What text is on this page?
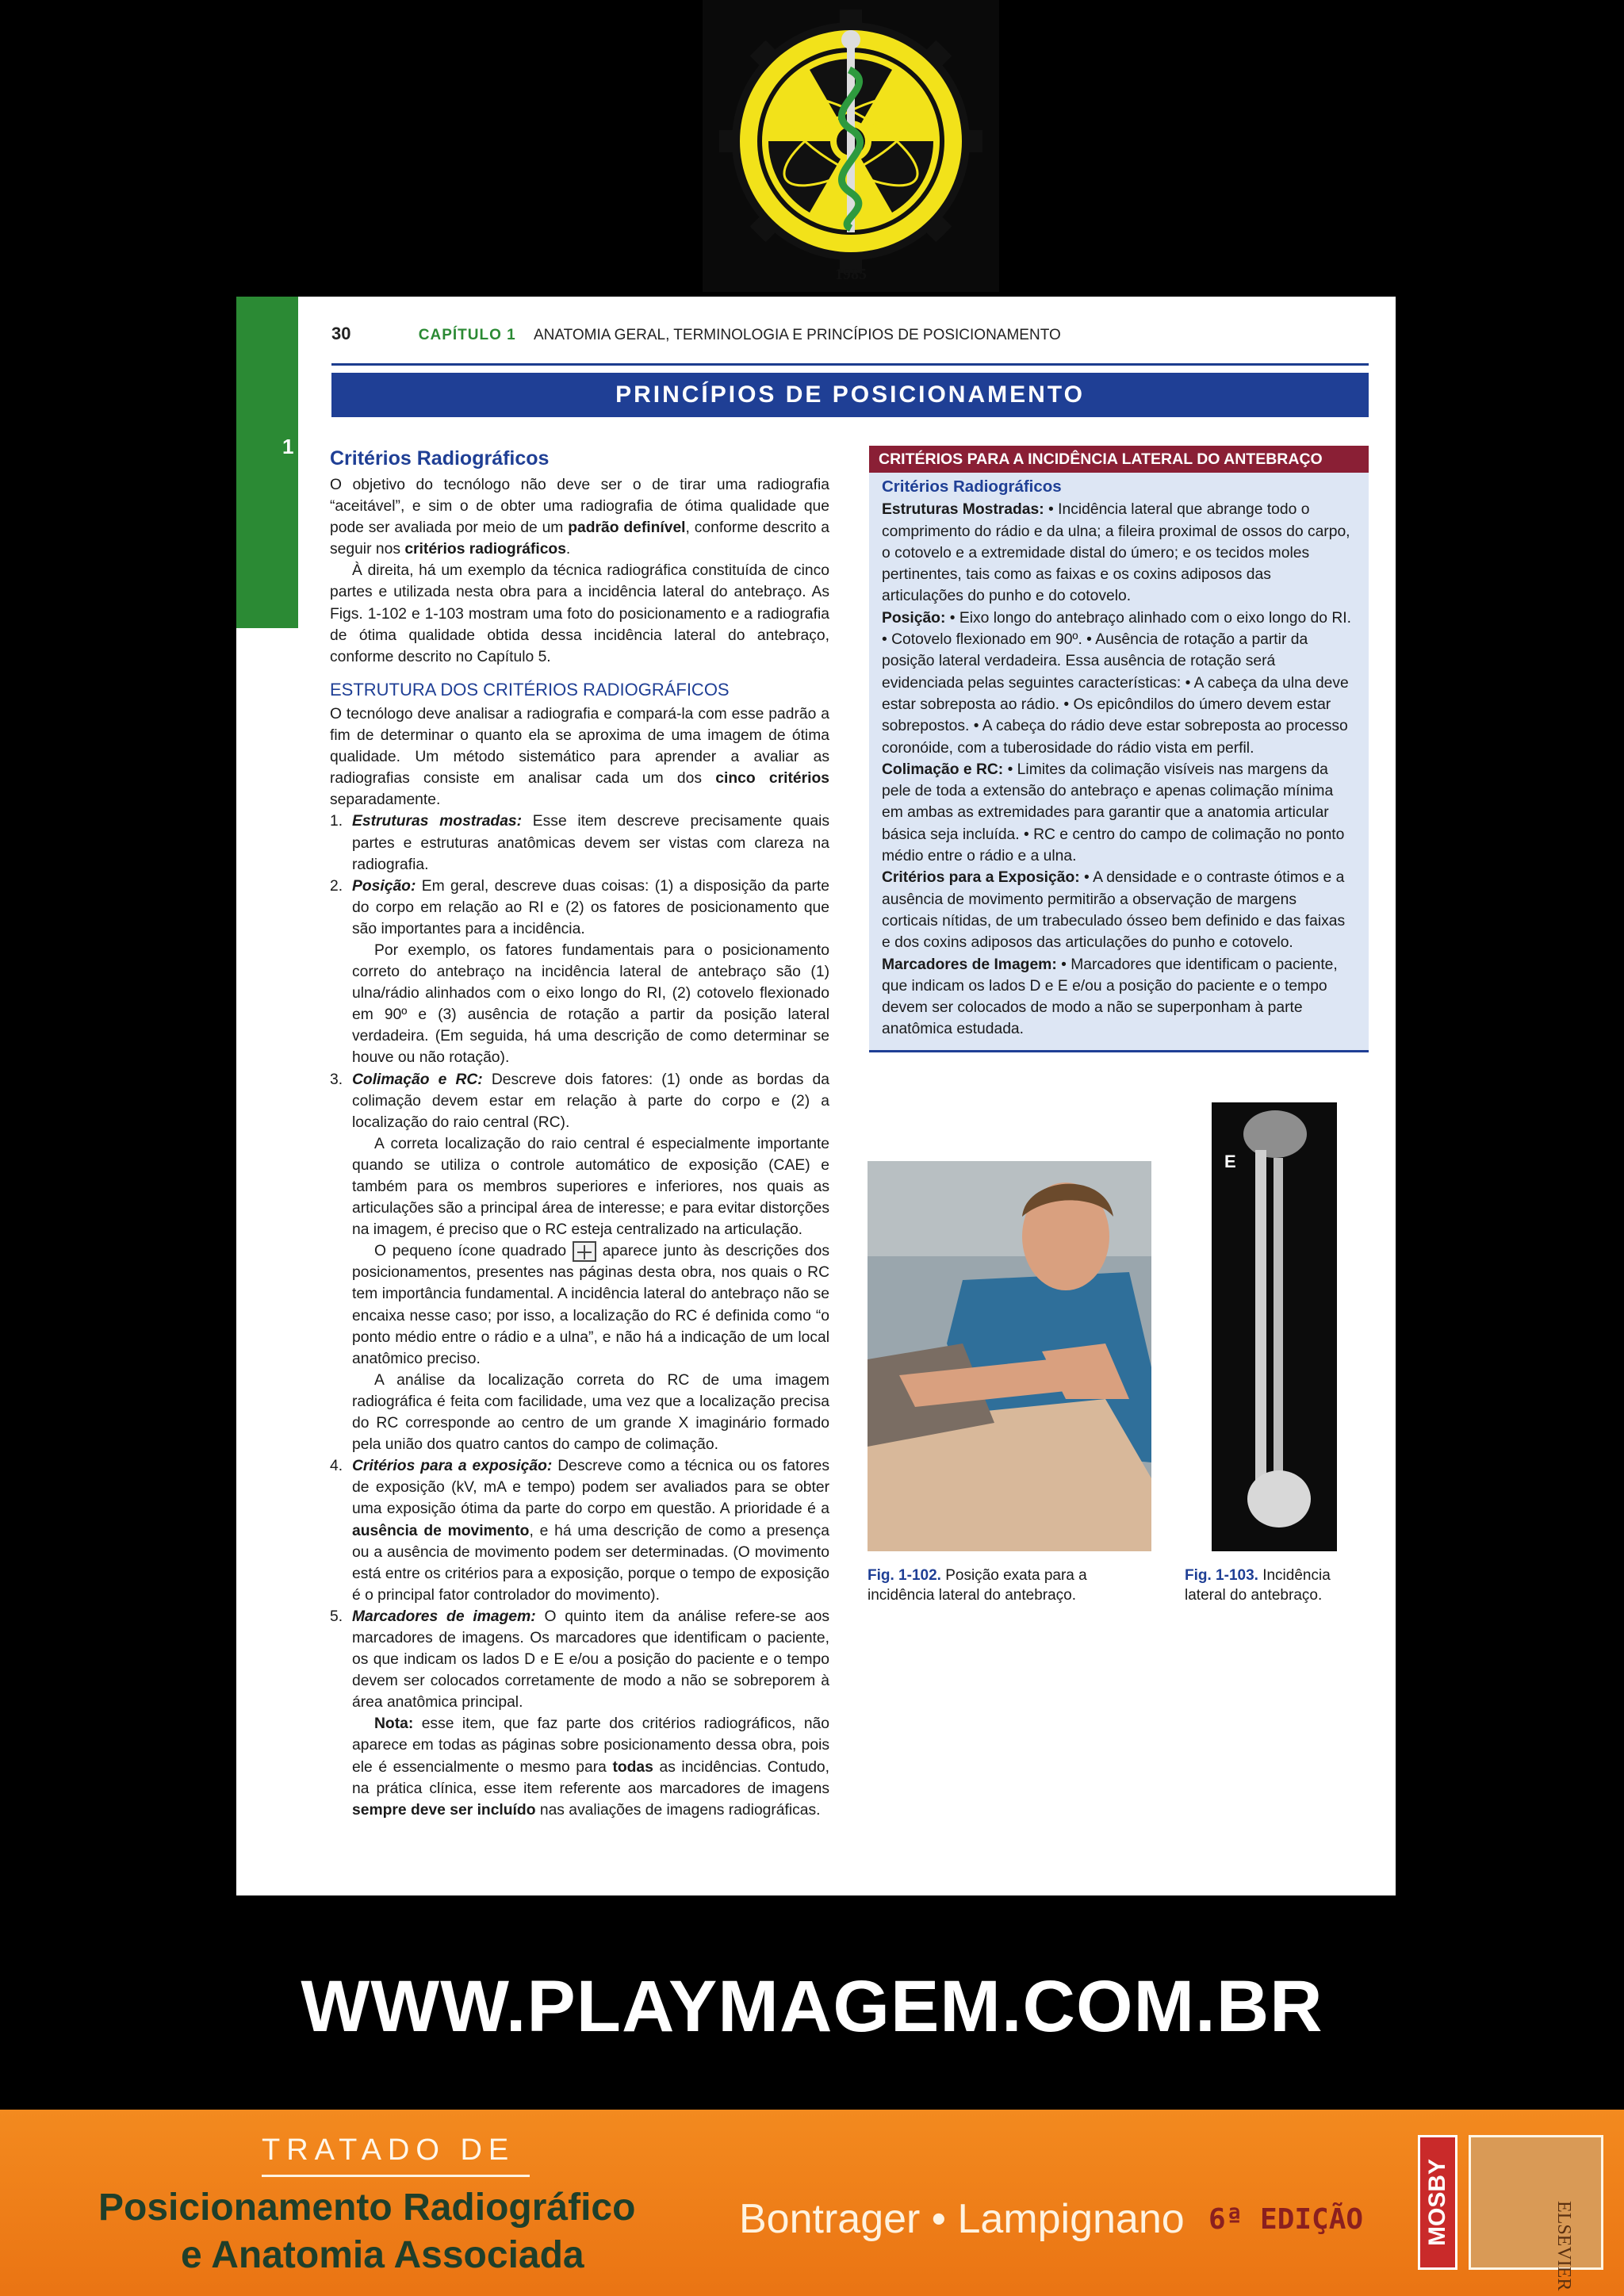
1985
1
30	CAPÍTULO 1 ANATOMIA GERAL, TERMINOLOGIA E PRINCÍPIOS DE POSICIONAMENTO
PRINCÍPIOS DE POSICIONAMENTO
Critérios Radiográficos

O objetivo do tecnólogo não deve ser o de tirar uma radiografia “aceitável”, e sim o de obter uma radiografia de ótima qualidade que pode ser avaliada por meio de um padrão definível, conforme descrito a seguir nos critérios radiográficos.

À direita, há um exemplo da técnica radiográfica constituída de cinco partes e utilizada nesta obra para a incidência lateral do antebraço. As Figs. 1-102 e 1-103 mostram uma foto do posicionamento e a radiografia de ótima qualidade obtida dessa incidência lateral do antebraço, conforme descrito no Capítulo 5.

ESTRUTURA DOS CRITÉRIOS RADIOGRÁFICOS

O tecnólogo deve analisar a radiografia e compará-la com esse padrão a fim de determinar o quanto ela se aproxima de uma imagem de ótima qualidade. Um método sistemático para aprender a avaliar as radiografias consiste em analisar cada um dos cinco critérios separadamente.

1. Estruturas mostradas: Esse item descreve precisamente quais partes e estruturas anatômicas devem ser vistas com clareza na radiografia.

2. Posição: Em geral, descreve duas coisas: (1) a disposição da parte do corpo em relação ao RI e (2) os fatores de posicionamento que são importantes para a incidência.

Por exemplo, os fatores fundamentais para o posicionamento correto do antebraço na incidência lateral de antebraço são (1) ulna/rádio alinhados com o eixo longo do RI, (2) cotovelo flexionado em 90º e (3) ausência de rotação a partir da posição lateral verdadeira. (Em seguida, há uma descrição de como determinar se houve ou não rotação).

3. Colimação e RC: Descreve dois fatores: (1) onde as bordas da colimação devem estar em relação à parte do corpo e (2) a localização do raio central (RC).

A correta localização do raio central é especialmente importante quando se utiliza o controle automático de exposição (CAE) e também para os membros superiores e inferiores, nos quais as articulações são a principal área de interesse; e para evitar distorções na imagem, é preciso que o RC esteja centralizado na articulação.

O pequeno ícone quadrado  aparece junto às descrições dos posicionamentos, presentes nas páginas desta obra, nos quais o RC tem importância fundamental. A incidência lateral do antebraço não se encaixa nesse caso; por isso, a localização do RC é definida como “o ponto médio entre o rádio e a ulna”, e não há a indicação de um local anatômico preciso.

A análise da localização correta do RC de uma imagem radiográfica é feita com facilidade, uma vez que a localização precisa do RC corresponde ao centro de um grande X imaginário formado pela união dos quatro cantos do campo de colimação.

4. Critérios para a exposição: Descreve como a técnica ou os fatores de exposição (kV, mA e tempo) podem ser avaliados para se obter uma exposição ótima da parte do corpo em questão. A prioridade é a ausência de movimento, e há uma descrição de como a presença ou a ausência de movimento podem ser determinadas. (O movimento está entre os critérios para a exposição, porque o tempo de exposição é o principal fator controlador do movimento).

5. Marcadores de imagem: O quinto item da análise refere-se aos marcadores de imagens. Os marcadores que identificam o paciente, os que indicam os lados D e E e/ou a posição do paciente e o tempo devem ser colocados corretamente de modo a não se sobreporem à área anatômica principal.

Nota: esse item, que faz parte dos critérios radiográficos, não aparece em todas as páginas sobre posicionamento dessa obra, pois ele é essencialmente o mesmo para todas as incidências. Contudo, na prática clínica, esse item referente aos marcadores de imagens sempre deve ser incluído nas avaliações de imagens radiográficas.

CRITÉRIOS PARA A INCIDÊNCIA LATERAL DO ANTEBRAÇO
Critérios Radiográficos

Estruturas Mostradas: • Incidência lateral que abrange todo o comprimento do rádio e da ulna; a fileira proximal de ossos do carpo, o cotovelo e a extremidade distal do úmero; e os tecidos moles pertinentes, tais como as faixas e os coxins adiposos das articulações do punho e do cotovelo.

Posição: • Eixo longo do antebraço alinhado com o eixo longo do RI. • Cotovelo flexionado em 90º. • Ausência de rotação a partir da posição lateral verdadeira. Essa ausência de rotação será evidenciada pelas seguintes características: • A cabeça da ulna deve estar sobreposta ao rádio. • Os epicôndilos do úmero devem estar sobrepostos. • A cabeça do rádio deve estar sobreposta ao processo coronóide, com a tuberosidade do rádio vista em perfil.

Colimação e RC: • Limites da colimação visíveis nas margens da pele de toda a extensão do antebraço e apenas colimação mínima em ambas as extremidades para garantir que a anatomia articular básica seja incluída. • RC e centro do campo de colimação no ponto médio entre o rádio e a ulna.

Critérios para a Exposição: • A densidade e o contraste ótimos e a ausência de movimento permitirão a observação de margens corticais nítidas, de um trabeculado ósseo bem definido e das faixas e dos coxins adiposos das articulações do punho e cotovelo.

Marcadores de Imagem: • Marcadores que identificam o paciente, que indicam os lados D e E e/ou a posição do paciente e o tempo devem ser colocados de modo a não se superponham à parte anatômica estudada.

E
Fig. 1-102. Posição exata para a incidência lateral do antebraço.
Fig. 1-103. Incidência lateral do antebraço.
WWW.PLAYMAGEM.COM.BR
TRATADO DE
Posicionamento Radiográfico
e Anatomia Associada
Bontrager • Lampignano 6ª EDIÇÃO	MOSBY	ELSEVIER
